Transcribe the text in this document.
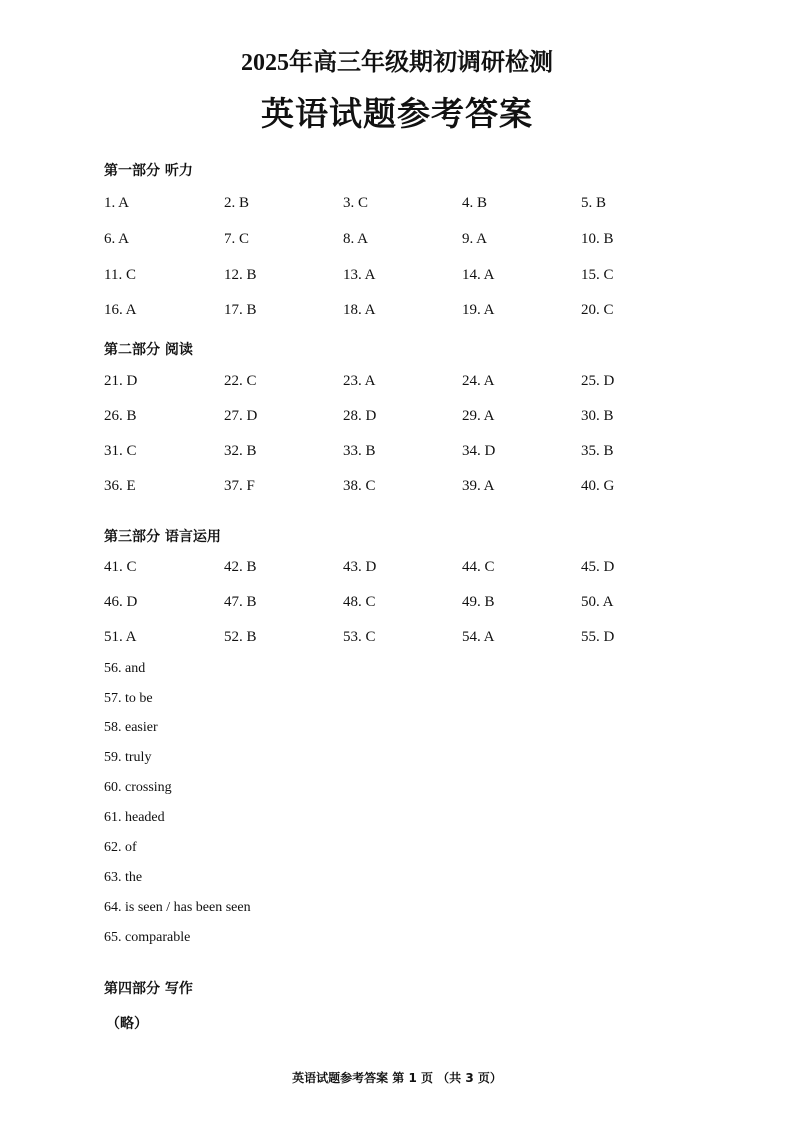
2025年高三年级期初调研检测
英语试题参考答案
第一部分 听力
1. A	2. B	3. C	4. B	5. B
6. A	7. C	8. A	9. A	10. B
11. C	12. B	13. A	14. A	15. C
16. A	17. B	18. A	19. A	20. C
第二部分 阅读
21. D	22. C	23. A	24. A	25. D
26. B	27. D	28. D	29. A	30. B
31. C	32. B	33. B	34. D	35. B
36. E	37. F	38. C	39. A	40. G
第三部分 语言运用
41. C	42. B	43. D	44. C	45. D
46. D	47. B	48. C	49. B	50. A
51. A	52. B	53. C	54. A	55. D
56. and
57. to be
58. easier
59. truly
60. crossing
61. headed
62. of
63. the
64. is seen / has been seen
65. comparable
第四部分 写作
（略）
英语试题参考答案 第 1 页 （共 3 页）
